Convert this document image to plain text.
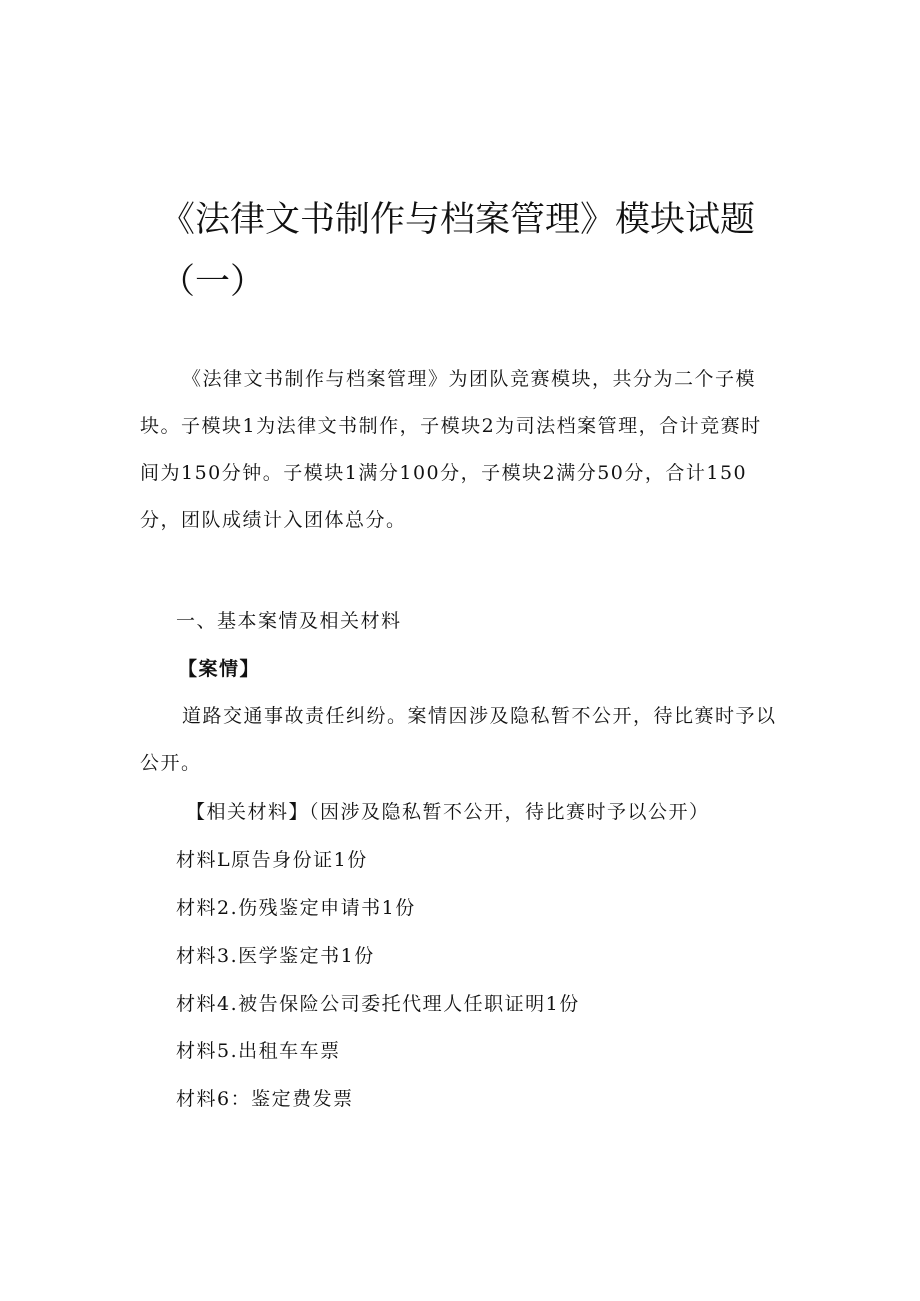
《法律文书制作与档案管理》模块试题
（一）

《法律文书制作与档案管理》为团队竞赛模块，共分为二个子模块。子模块1为法律文书制作，子模块2为司法档案管理，合计竞赛时间为150分钟。子模块1满分100分，子模块2满分50分，合计150分，团队成绩计入团体总分。

一、基本案情及相关材料

【案情】

道路交通事故责任纠纷。案情因涉及隐私暂不公开，待比赛时予以公开。

【相关材料】（因涉及隐私暂不公开，待比赛时予以公开）

材料L原告身份证1份

材料2.伤残鉴定申请书1份

材料3.医学鉴定书1份

材料4.被告保险公司委托代理人任职证明1份

材料5.出租车车票

材料6：鉴定费发票
